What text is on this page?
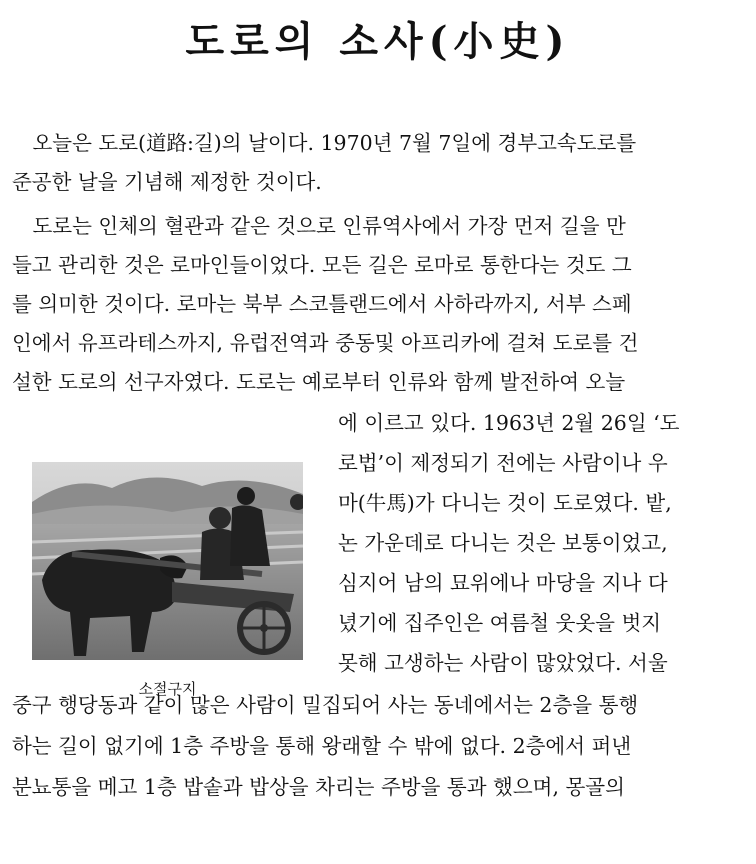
도로의 소사(小史)
　오늘은 도로(道路:길)의 날이다. 1970년 7월 7일에 경부고속도로를
준공한 날을 기념해 제정한 것이다.
　도로는 인체의 혈관과 같은 것으로 인류역사에서 가장 먼저 길을 만
들고 관리한 것은 로마인들이었다. 모든 길은 로마로 통한다는 것도 그
를 의미한 것이다. 로마는 북부 스코틀랜드에서 사하라까지, 서부 스페
인에서 유프라테스까지, 유럽전역과 중동및 아프리카에 걸쳐 도로를 건
설한 도로의 선구자였다. 도로는 예로부터 인류와 함께 발전하여 오늘
에 이르고 있다. 1963년 2월 26일 ‘도
로법’이 제정되기 전에는 사람이나 우
마(牛馬)가 다니는 것이 도로였다. 밭,
논 가운데로 다니는 것은 보통이었고,
심지어 남의 묘위에나 마당을 지나 다
녔기에 집주인은 여름철 웃옷을 벗지
못해 고생하는 사람이 많았었다. 서울
중구 행당동과 같이 많은 사람이 밀집되어 사는 동네에서는 2층을 통행
하는 길이 없기에 1층 주방을 통해 왕래할 수 밖에 없다. 2층에서 퍼낸
분뇨통을 메고 1층 밥솥과 밥상을 차리는 주방을 통과 했으며, 몽골의
소절구지
